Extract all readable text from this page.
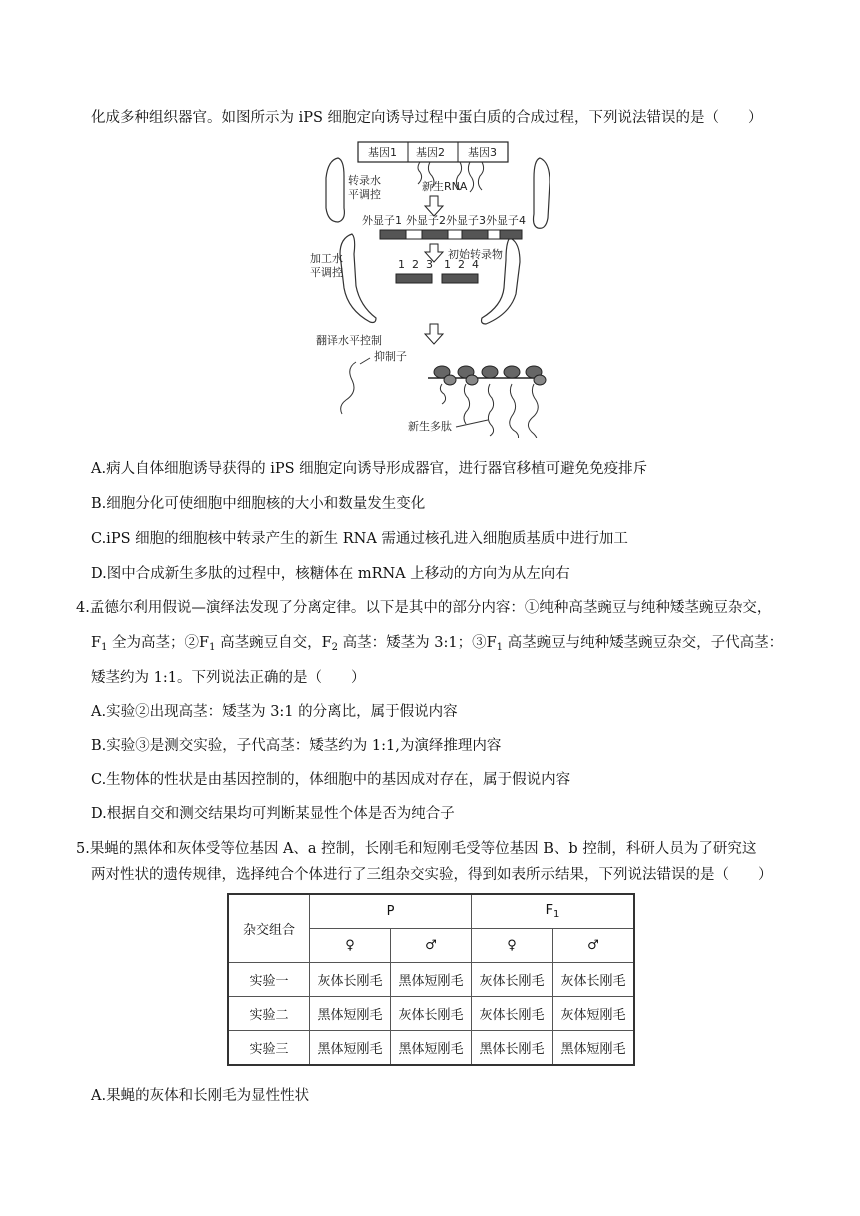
化成多种组织器官。如图所示为 iPS 细胞定向诱导过程中蛋白质的合成过程，下列说法错误的是（　　）
基因1 基因2 基因3
转录水
平调控
新生RNA
外显子1 外显子2 外显子3 外显子4
初始转录物
加工水
平调控
1  2  3 1  2  4
翻译水平控制
抑制子
新生多肽
A.病人自体细胞诱导获得的 iPS 细胞定向诱导形成器官，进行器官移植可避免免疫排斥
B.细胞分化可使细胞中细胞核的大小和数量发生变化
C.iPS 细胞的细胞核中转录产生的新生 RNA 需通过核孔进入细胞质基质中进行加工
D.图中合成新生多肽的过程中，核糖体在 mRNA 上移动的方向为从左向右
4.孟德尔利用假说—演绎法发现了分离定律。以下是其中的部分内容：①纯种高茎豌豆与纯种矮茎豌豆杂交，
$F_1$ 全为高茎；$②F_1$ 高茎豌豆自交，$F_2$ 高茎：矮茎为 3:1；$③F_1$ 高茎豌豆与纯种矮茎豌豆杂交，子代高茎：
矮茎约为 1:1。下列说法正确的是（　　）
A.实验②出现高茎：矮茎为 3:1 的分离比，属于假说内容
B.实验③是测交实验，子代高茎：矮茎约为 1:1,为演绎推理内容
C.生物体的性状是由基因控制的，体细胞中的基因成对存在，属于假说内容
D.根据自交和测交结果均可判断某显性个体是否为纯合子
5.果蝇的黑体和灰体受等位基因 A、a 控制，长刚毛和短刚毛受等位基因 B、b 控制，科研人员为了研究这
两对性状的遗传规律，选择纯合个体进行了三组杂交实验，得到如表所示结果，下列说法错误的是（　　）
杂交组合	P		$F_1$
	♀	♂	♀	♂
实验一	灰体长刚毛	黑体短刚毛	灰体长刚毛	灰体长刚毛
实验二	黑体短刚毛	灰体长刚毛	灰体长刚毛	灰体短刚毛
实验三	黑体短刚毛	黑体短刚毛	黑体长刚毛	黑体短刚毛
A.果蝇的灰体和长刚毛为显性性状
